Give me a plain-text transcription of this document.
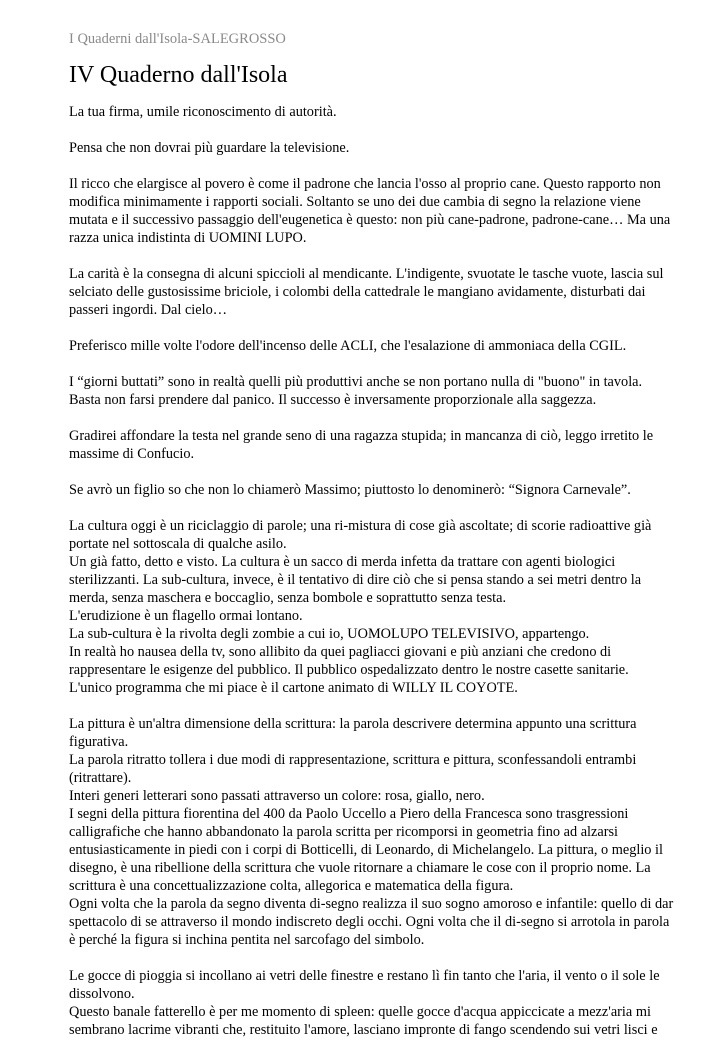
I Quaderni dall'Isola-SALEGROSSO
IV Quaderno dall'Isola
La tua firma, umile riconoscimento di autorità.
Pensa che non dovrai più guardare la televisione.
Il ricco che elargisce al povero è come il padrone che lancia l'osso al proprio cane. Questo rapporto non
modifica minimamente i rapporti sociali. Soltanto se uno dei due cambia di segno la relazione viene
mutata e il successivo passaggio dell'eugenetica è questo: non più cane-padrone, padrone-cane… Ma una
razza unica indistinta di UOMINI LUPO.
La carità è la consegna di alcuni spiccioli al mendicante. L'indigente, svuotate le tasche vuote, lascia sul
selciato delle gustosissime briciole, i colombi della cattedrale le mangiano avidamente, disturbati dai
passeri ingordi. Dal cielo…
Preferisco mille volte l'odore dell'incenso delle ACLI, che l'esalazione di ammoniaca della CGIL.
I “giorni buttati” sono in realtà quelli più produttivi anche se non portano nulla di "buono" in tavola.
Basta non farsi prendere dal panico. Il successo è inversamente proporzionale alla saggezza.
Gradirei affondare la testa nel grande seno di una ragazza stupida; in mancanza di ciò, leggo irretito le
massime di Confucio.
Se avrò un figlio so che non lo chiamerò Massimo; piuttosto lo denominerò: “Signora Carnevale”.
La cultura oggi è un riciclaggio di parole; una ri-mistura di cose già ascoltate; di scorie radioattive già
portate nel sottoscala di qualche asilo.
Un già fatto, detto e visto. La cultura è un sacco di merda infetta da trattare con agenti biologici
sterilizzanti. La sub-cultura, invece, è il tentativo di dire ciò che si pensa stando a sei metri dentro la
merda, senza maschera e boccaglio, senza bombole e soprattutto senza testa.
L'erudizione è un flagello ormai lontano.
La sub-cultura è la rivolta degli zombie a cui io, UOMOLUPO TELEVISIVO, appartengo.
In realtà ho nausea della tv, sono allibito da quei pagliacci giovani e più anziani che credono di
rappresentare le esigenze del pubblico. Il pubblico ospedalizzato dentro le nostre casette sanitarie.
L'unico programma che mi piace è il cartone animato di WILLY IL COYOTE.
La pittura è un'altra dimensione della scrittura: la parola descrivere determina appunto una scrittura
figurativa.
La parola ritratto tollera i due modi di rappresentazione, scrittura e pittura, sconfessandoli entrambi
(ritrattare).
Interi generi letterari sono passati attraverso un colore: rosa, giallo, nero.
I segni della pittura fiorentina del 400 da Paolo Uccello a Piero della Francesca sono trasgressioni
calligrafiche che hanno abbandonato la parola scritta per ricomporsi in geometria fino ad alzarsi
entusiasticamente in piedi con i corpi di Botticelli, di Leonardo, di Michelangelo. La pittura, o meglio il
disegno, è una ribellione della scrittura che vuole ritornare a chiamare le cose con il proprio nome. La
scrittura è una concettualizzazione colta, allegorica e matematica della figura.
Ogni volta che la parola da segno diventa di-segno realizza il suo sogno amoroso e infantile: quello di dar
spettacolo di se attraverso il mondo indiscreto degli occhi. Ogni volta che il di-segno si arrotola in parola
è perché la figura si inchina pentita nel sarcofago del simbolo.
Le gocce di pioggia si incollano ai vetri delle finestre e restano lì fin tanto che l'aria, il vento o il sole le
dissolvono.
Questo banale fatterello è per me momento di spleen: quelle gocce d'acqua appiccicate a mezz'aria mi
sembrano lacrime vibranti che, restituito l'amore, lasciano impronte di fango scendendo sui vetri lisci e
